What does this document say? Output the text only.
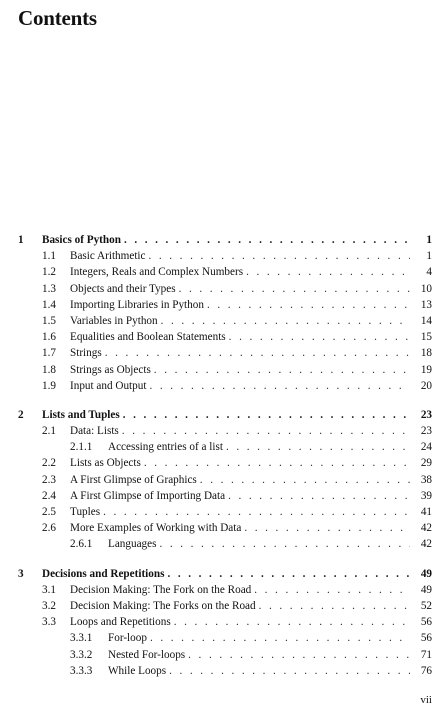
Contents
1 Basics of Python . . .	1
1.1 Basic Arithmetic . . .	1
1.2 Integers, Reals and Complex Numbers . . .	4
1.3 Objects and their Types . . .	10
1.4 Importing Libraries in Python . . .	13
1.5 Variables in Python . . .	14
1.6 Equalities and Boolean Statements . . .	15
1.7 Strings . . .	18
1.8 Strings as Objects . . .	19
1.9 Input and Output . . .	20
2 Lists and Tuples . . .	23
2.1 Data: Lists . . .	23
2.1.1 Accessing entries of a list . . .	24
2.2 Lists as Objects . . .	29
2.3 A First Glimpse of Graphics . . .	38
2.4 A First Glimpse of Importing Data . . .	39
2.5 Tuples . . .	41
2.6 More Examples of Working with Data . . .	42
2.6.1 Languages . . .	42
3 Decisions and Repetitions . . .	49
3.1 Decision Making: The Fork on the Road . . .	49
3.2 Decision Making: The Forks on the Road . . .	52
3.3 Loops and Repetitions . . .	56
3.3.1 For-loop . . .	56
3.3.2 Nested For-loops . . .	71
3.3.3 While Loops . . .	76
vii
